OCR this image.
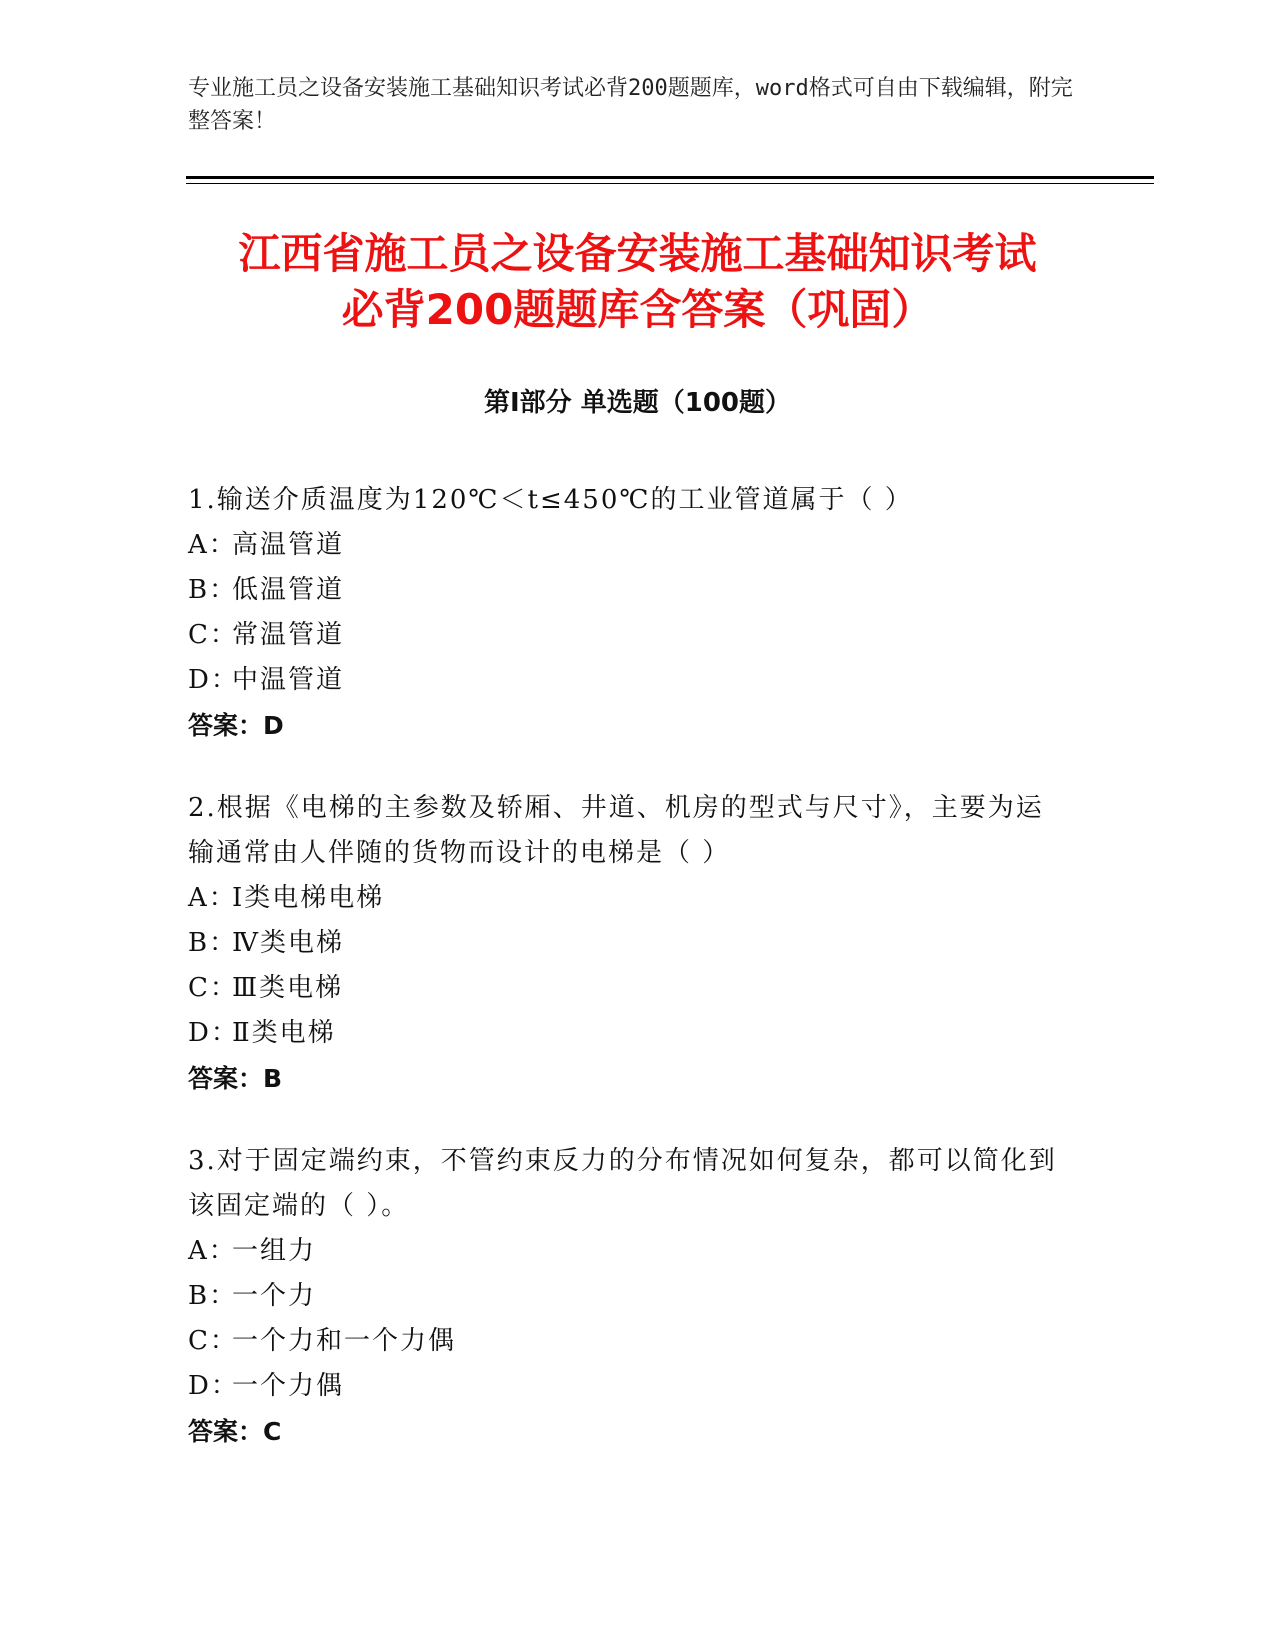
专业施工员之设备安装施工基础知识考试必背200题题库，word格式可自由下载编辑，附完整答案！
江西省施工员之设备安装施工基础知识考试
必背200题题库含答案（巩固）
第Ⅰ部分 单选题（100题）
1.输送介质温度为120℃＜t≤450℃的工业管道属于（ ）
A：高温管道
B：低温管道
C：常温管道
D：中温管道
答案：D
2.根据《电梯的主参数及轿厢、井道、机房的型式与尺寸》，主要为运输通常由人伴随的货物而设计的电梯是（ ）
A：Ⅰ类电梯电梯
B：Ⅳ类电梯
C：Ⅲ类电梯
D：Ⅱ类电梯
答案：B
3.对于固定端约束，不管约束反力的分布情况如何复杂，都可以简化到该固定端的（ ）。
A：一组力
B：一个力
C：一个力和一个力偶
D：一个力偶
答案：C
